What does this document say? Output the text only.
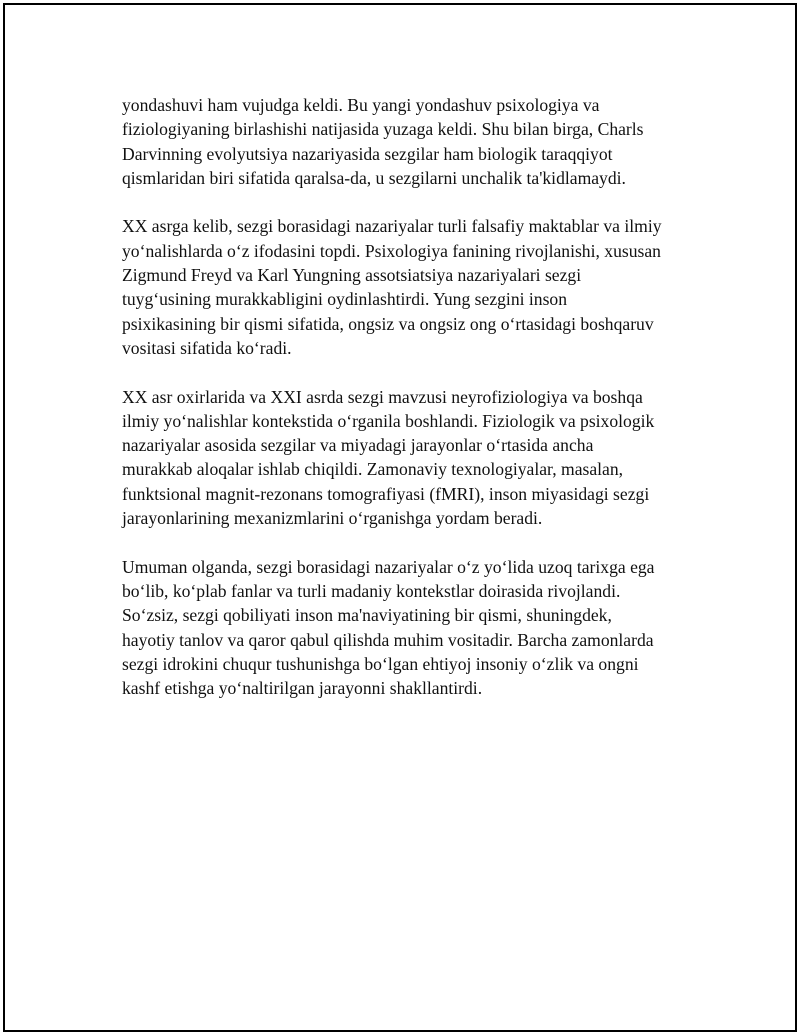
yondashuvi ham vujudga keldi. Bu yangi yondashuv psixologiya va
fiziologiyaning birlashishi natijasida yuzaga keldi. Shu bilan birga, Charls
Darvinning evolyutsiya nazariyasida sezgilar ham biologik taraqqiyot
qismlaridan biri sifatida qaralsa-da, u sezgilarni unchalik ta'kidlamaydi.

XX asrga kelib, sezgi borasidagi nazariyalar turli falsafiy maktablar va ilmiy
yo‘nalishlarda o‘z ifodasini topdi. Psixologiya fanining rivojlanishi, xususan
Zigmund Freyd va Karl Yungning assotsiatsiya nazariyalari sezgi
tuyg‘usining murakkabligini oydinlashtirdi. Yung sezgini inson
psixikasining bir qismi sifatida, ongsiz va ongsiz ong o‘rtasidagi boshqaruv
vositasi sifatida ko‘radi.

XX asr oxirlarida va XXI asrda sezgi mavzusi neyrofiziologiya va boshqa
ilmiy yo‘nalishlar kontekstida o‘rganila boshlandi. Fiziologik va psixologik
nazariyalar asosida sezgilar va miyadagi jarayonlar o‘rtasida ancha
murakkab aloqalar ishlab chiqildi. Zamonaviy texnologiyalar, masalan,
funktsional magnit-rezonans tomografiyasi (fMRI), inson miyasidagi sezgi
jarayonlarining mexanizmlarini o‘rganishga yordam beradi.

Umuman olganda, sezgi borasidagi nazariyalar o‘z yo‘lida uzoq tarixga ega
bo‘lib, ko‘plab fanlar va turli madaniy kontekstlar doirasida rivojlandi.
So‘zsiz, sezgi qobiliyati inson ma'naviyatining bir qismi, shuningdek,
hayotiy tanlov va qaror qabul qilishda muhim vositadir. Barcha zamonlarda
sezgi idrokini chuqur tushunishga bo‘lgan ehtiyoj insoniy o‘zlik va ongni
kashf etishga yo‘naltirilgan jarayonni shakllantirdi.
